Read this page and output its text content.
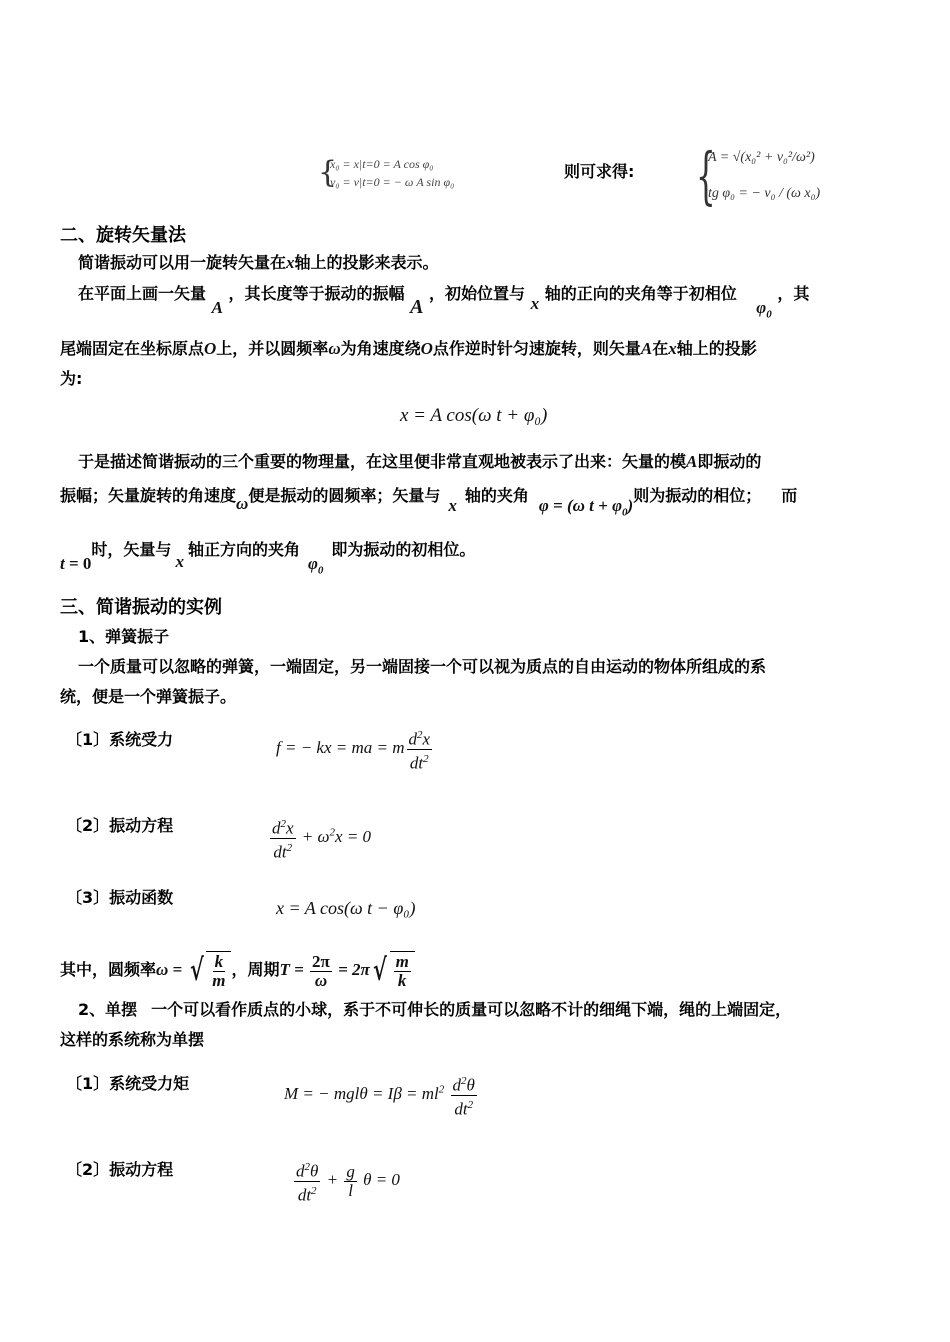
{
x₀ = x|t=0 = A cos φ₀
v₀ = v|t=0 = − ω A sin φ₀
则可求得: {
A = √(x₀² + v₀²/ω²)
tg φ₀ = − v₀ / (ω x₀)
二、旋转矢量法
简谐振动可以用一旋转矢量在x轴上的投影来表示。
在平面上画一矢量 A ，其长度等于振动的振幅 A ，初始位置与 x 轴的正向的夹角等于初相位 $\varphi_0$ ，其
尾端固定在坐标原点O上，并以圆频率ω为角速度绕O点作逆时针匀速旋转，则矢量A在x轴上的投影
为:
x = A cos(ω t + φ₀)
于是描述简谐振动的三个重要的物理量，在这里便非常直观地被表示了出来：矢量的模A即振动的
振幅；矢量旋转的角速度ω便是振动的圆频率；矢量与x轴的夹角φ = (ω $t + \varphi_0$)则为振动的相位； 而
t = 0时，矢量与x轴正方向的夹角$\varphi_0$即为振动的初相位。
三、简谐振动的实例
1、弹簧振子
一个质量可以忽略的弹簧，一端固定，另一端固接一个可以视为质点的自由运动的物体所组成的系
统，便是一个弹簧振子。
〔1〕系统受力	f = − kx = ma = m $\frac{d^2x}{dt^2}$
〔2〕振动方程	$\frac{d^2x}{dt^2} + \omega^2x = 0$
〔3〕振动函数
x = A cos(ω t − φ₀)
其中，圆频率ω = √ $\frac{k}{m}$ ，周期$T = \frac{2\pi}{\omega} = 2\pi$ √ $\frac{m}{k}$
2、单摆 一个可以看作质点的小球，系于不可伸长的质量可以忽略不计的细绳下端，绳的上端固定，
这样的系统称为单摆
〔1〕系统受力矩
M = − $mgl\theta = I\beta = ml^2 \frac{d^2\theta}{dt^2}$
〔2〕振动方程	$\frac{d^2\theta}{dt^2} + \frac{g}{l}$ θ = 0
